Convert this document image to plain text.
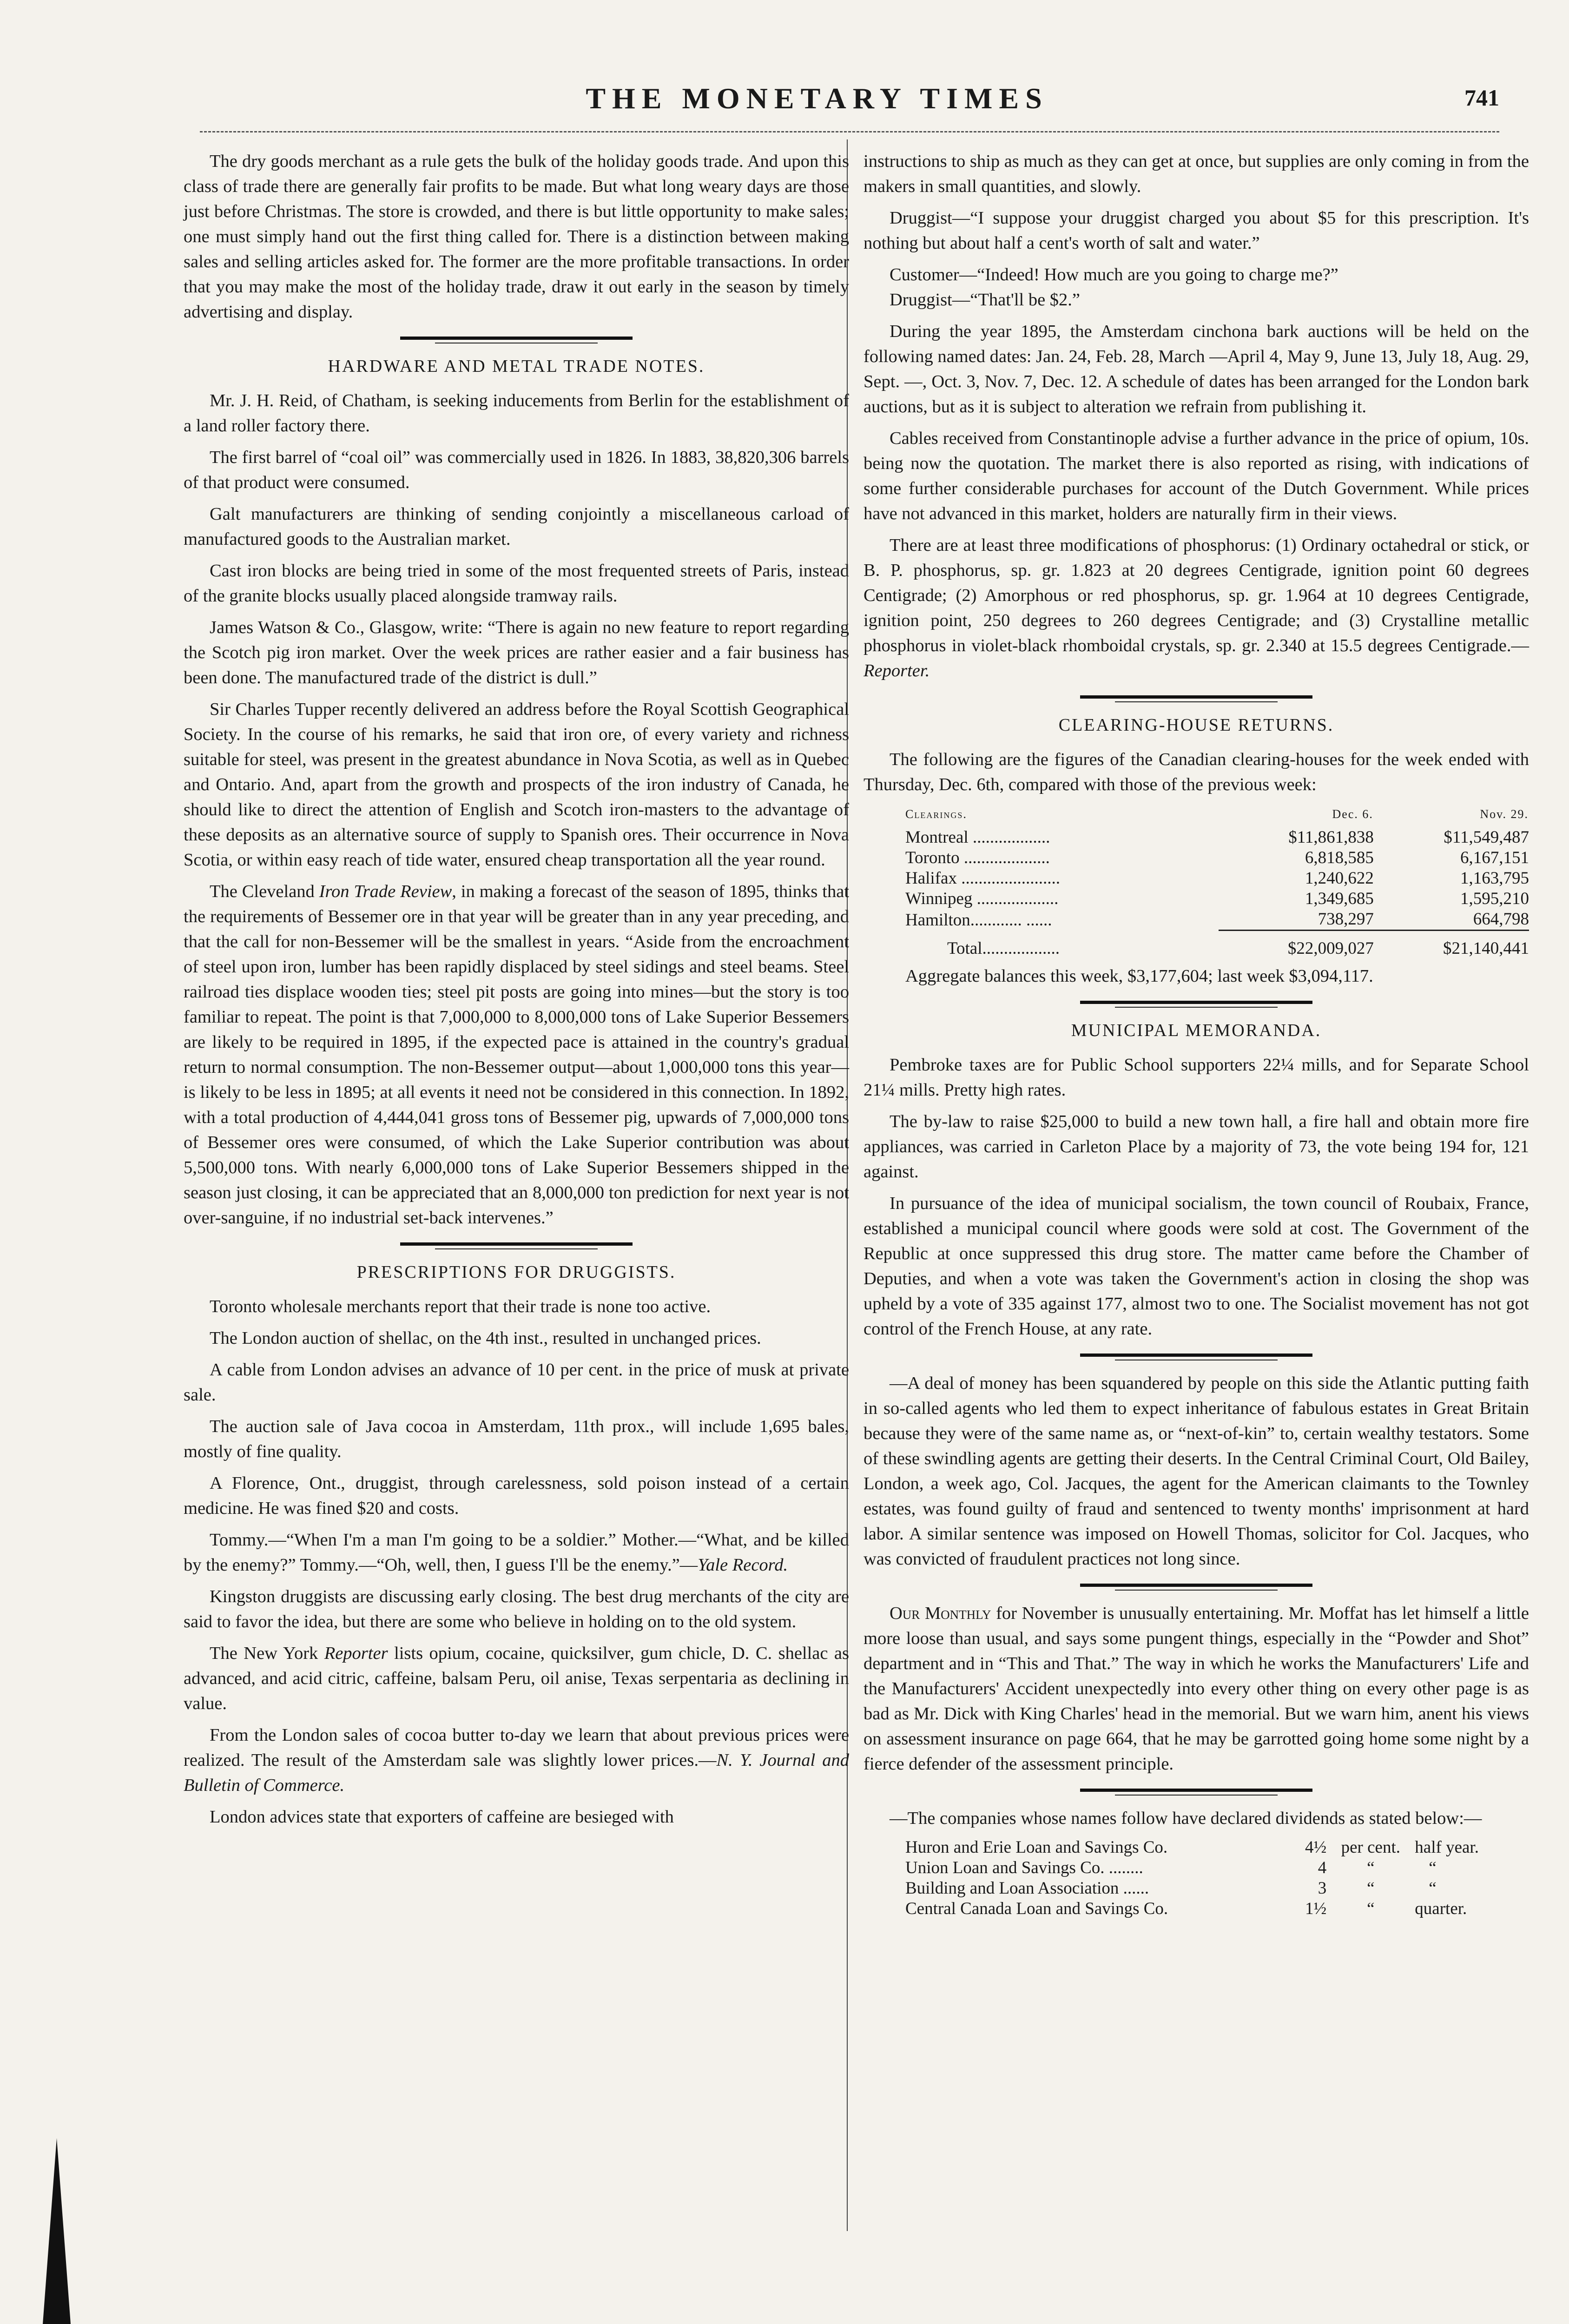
THE MONETARY TIMES	741

The dry goods merchant as a rule gets the bulk of the holiday goods trade. And upon this class of trade there are generally fair profits to be made. But what long weary days are those just before Christmas. The store is crowded, and there is but little opportunity to make sales; one must simply hand out the first thing called for. There is a distinction between making sales and selling articles asked for. The former are the more profitable transactions. In order that you may make the most of the holiday trade, draw it out early in the season by timely advertising and display.

HARDWARE AND METAL TRADE NOTES.

Mr. J. H. Reid, of Chatham, is seeking inducements from Berlin for the establishment of a land roller factory there.

The first barrel of “coal oil” was commercially used in 1826. In 1883, 38,820,306 barrels of that product were consumed.

Galt manufacturers are thinking of sending conjointly a miscellaneous carload of manufactured goods to the Australian market.

Cast iron blocks are being tried in some of the most frequented streets of Paris, instead of the granite blocks usually placed alongside tramway rails.

James Watson & Co., Glasgow, write: “There is again no new feature to report regarding the Scotch pig iron market. Over the week prices are rather easier and a fair business has been done. The manufactured trade of the district is dull.”

Sir Charles Tupper recently delivered an address before the Royal Scottish Geographical Society. In the course of his remarks, he said that iron ore, of every variety and richness suitable for steel, was present in the greatest abundance in Nova Scotia, as well as in Quebec and Ontario. And, apart from the growth and prospects of the iron industry of Canada, he should like to direct the attention of English and Scotch iron-masters to the advantage of these deposits as an alternative source of supply to Spanish ores. Their occurrence in Nova Scotia, or within easy reach of tide water, ensured cheap transportation all the year round.

The Cleveland Iron Trade Review, in making a forecast of the season of 1895, thinks that the requirements of Bessemer ore in that year will be greater than in any year preceding, and that the call for non-Bessemer will be the smallest in years. “Aside from the encroachment of steel upon iron, lumber has been rapidly displaced by steel sidings and steel beams. Steel railroad ties displace wooden ties; steel pit posts are going into mines—but the story is too familiar to repeat. The point is that 7,000,000 to 8,000,000 tons of Lake Superior Bessemers are likely to be required in 1895, if the expected pace is attained in the country's gradual return to normal consumption. The non-Bessemer output—about 1,000,000 tons this year—is likely to be less in 1895; at all events it need not be considered in this connection. In 1892, with a total production of 4,444,041 gross tons of Bessemer pig, upwards of 7,000,000 tons of Bessemer ores were consumed, of which the Lake Superior contribution was about 5,500,000 tons. With nearly 6,000,000 tons of Lake Superior Bessemers shipped in the season just closing, it can be appreciated that an 8,000,000 ton prediction for next year is not over-sanguine, if no industrial set-back intervenes.”

PRESCRIPTIONS FOR DRUGGISTS.

Toronto wholesale merchants report that their trade is none too active.

The London auction of shellac, on the 4th inst., resulted in unchanged prices.

A cable from London advises an advance of 10 per cent. in the price of musk at private sale.

The auction sale of Java cocoa in Amsterdam, 11th prox., will include 1,695 bales, mostly of fine quality.

A Florence, Ont., druggist, through carelessness, sold poison instead of a certain medicine. He was fined $20 and costs.

Tommy.—“When I'm a man I'm going to be a soldier.” Mother.—“What, and be killed by the enemy?” Tommy.—“Oh, well, then, I guess I'll be the enemy.”—Yale Record.

Kingston druggists are discussing early closing. The best drug merchants of the city are said to favor the idea, but there are some who believe in holding on to the old system.

The New York Reporter lists opium, cocaine, quicksilver, gum chicle, D. C. shellac as advanced, and acid citric, caffeine, balsam Peru, oil anise, Texas serpentaria as declining in value.

From the London sales of cocoa butter to-day we learn that about previous prices were realized. The result of the Amsterdam sale was slightly lower prices.—N. Y. Journal and Bulletin of Commerce.

London advices state that exporters of caffeine are besieged with

instructions to ship as much as they can get at once, but supplies are only coming in from the makers in small quantities, and slowly.

Druggist—“I suppose your druggist charged you about $5 for this prescription. It's nothing but about half a cent's worth of salt and water.”

Customer—“Indeed! How much are you going to charge me?”

Druggist—“That'll be $2.”

During the year 1895, the Amsterdam cinchona bark auctions will be held on the following named dates: Jan. 24, Feb. 28, March —April 4, May 9, June 13, July 18, Aug. 29, Sept. —, Oct. 3, Nov. 7, Dec. 12. A schedule of dates has been arranged for the London bark auctions, but as it is subject to alteration we refrain from publishing it.

Cables received from Constantinople advise a further advance in the price of opium, 10s. being now the quotation. The market there is also reported as rising, with indications of some further considerable purchases for account of the Dutch Government. While prices have not advanced in this market, holders are naturally firm in their views.

There are at least three modifications of phosphorus: (1) Ordinary octahedral or stick, or B. P. phosphorus, sp. gr. 1.823 at 20 degrees Centigrade, ignition point 60 degrees Centigrade; (2) Amorphous or red phosphorus, sp. gr. 1.964 at 10 degrees Centigrade, ignition point, 250 degrees to 260 degrees Centigrade; and (3) Crystalline metallic phosphorus in violet-black rhomboidal crystals, sp. gr. 2.340 at 15.5 degrees Centigrade.—Reporter.

CLEARING-HOUSE RETURNS.

The following are the figures of the Canadian clearing-houses for the week ended with Thursday, Dec. 6th, compared with those of the previous week:

Clearings.	Dec. 6.	Nov. 29.
Montreal ..................	$11,861,838	$11,549,487
Toronto ....................	6,818,585	6,167,151
Halifax .......................	1,240,622	1,163,795
Winnipeg ...................	1,349,685	1,595,210
Hamilton............ ......	738,297	664,798

Total..................	$22,009,027	$21,140,441

Aggregate balances this week, $3,177,604; last week $3,094,117.

MUNICIPAL MEMORANDA.

Pembroke taxes are for Public School supporters 22¼ mills, and for Separate School 21¼ mills. Pretty high rates.

The by-law to raise $25,000 to build a new town hall, a fire hall and obtain more fire appliances, was carried in Carleton Place by a majority of 73, the vote being 194 for, 121 against.

In pursuance of the idea of municipal socialism, the town council of Roubaix, France, established a municipal council where goods were sold at cost. The Government of the Republic at once suppressed this drug store. The matter came before the Chamber of Deputies, and when a vote was taken the Government's action in closing the shop was upheld by a vote of 335 against 177, almost two to one. The Socialist movement has not got control of the French House, at any rate.

—A deal of money has been squandered by people on this side the Atlantic putting faith in so-called agents who led them to expect inheritance of fabulous estates in Great Britain because they were of the same name as, or “next-of-kin” to, certain wealthy testators. Some of these swindling agents are getting their deserts. In the Central Criminal Court, Old Bailey, London, a week ago, Col. Jacques, the agent for the American claimants to the Townley estates, was found guilty of fraud and sentenced to twenty months' imprisonment at hard labor. A similar sentence was imposed on Howell Thomas, solicitor for Col. Jacques, who was convicted of fraudulent practices not long since.

Our Monthly for November is unusually entertaining. Mr. Moffat has let himself a little more loose than usual, and says some pungent things, especially in the “Powder and Shot” department and in “This and That.” The way in which he works the Manufacturers' Life and the Manufacturers' Accident unexpectedly into every other thing on every other page is as bad as Mr. Dick with King Charles' head in the memorial. But we warn him, anent his views on assessment insurance on page 664, that he may be garrotted going home some night by a fierce defender of the assessment principle.

—The companies whose names follow have declared dividends as stated below:—

Huron and Erie Loan and Savings Co.	4½	per cent.	half year.
Union Loan and Savings Co. ........	4	“	“
Building and Loan Association ......	3	“	“
Central Canada Loan and Savings Co.	1½	“	quarter.
